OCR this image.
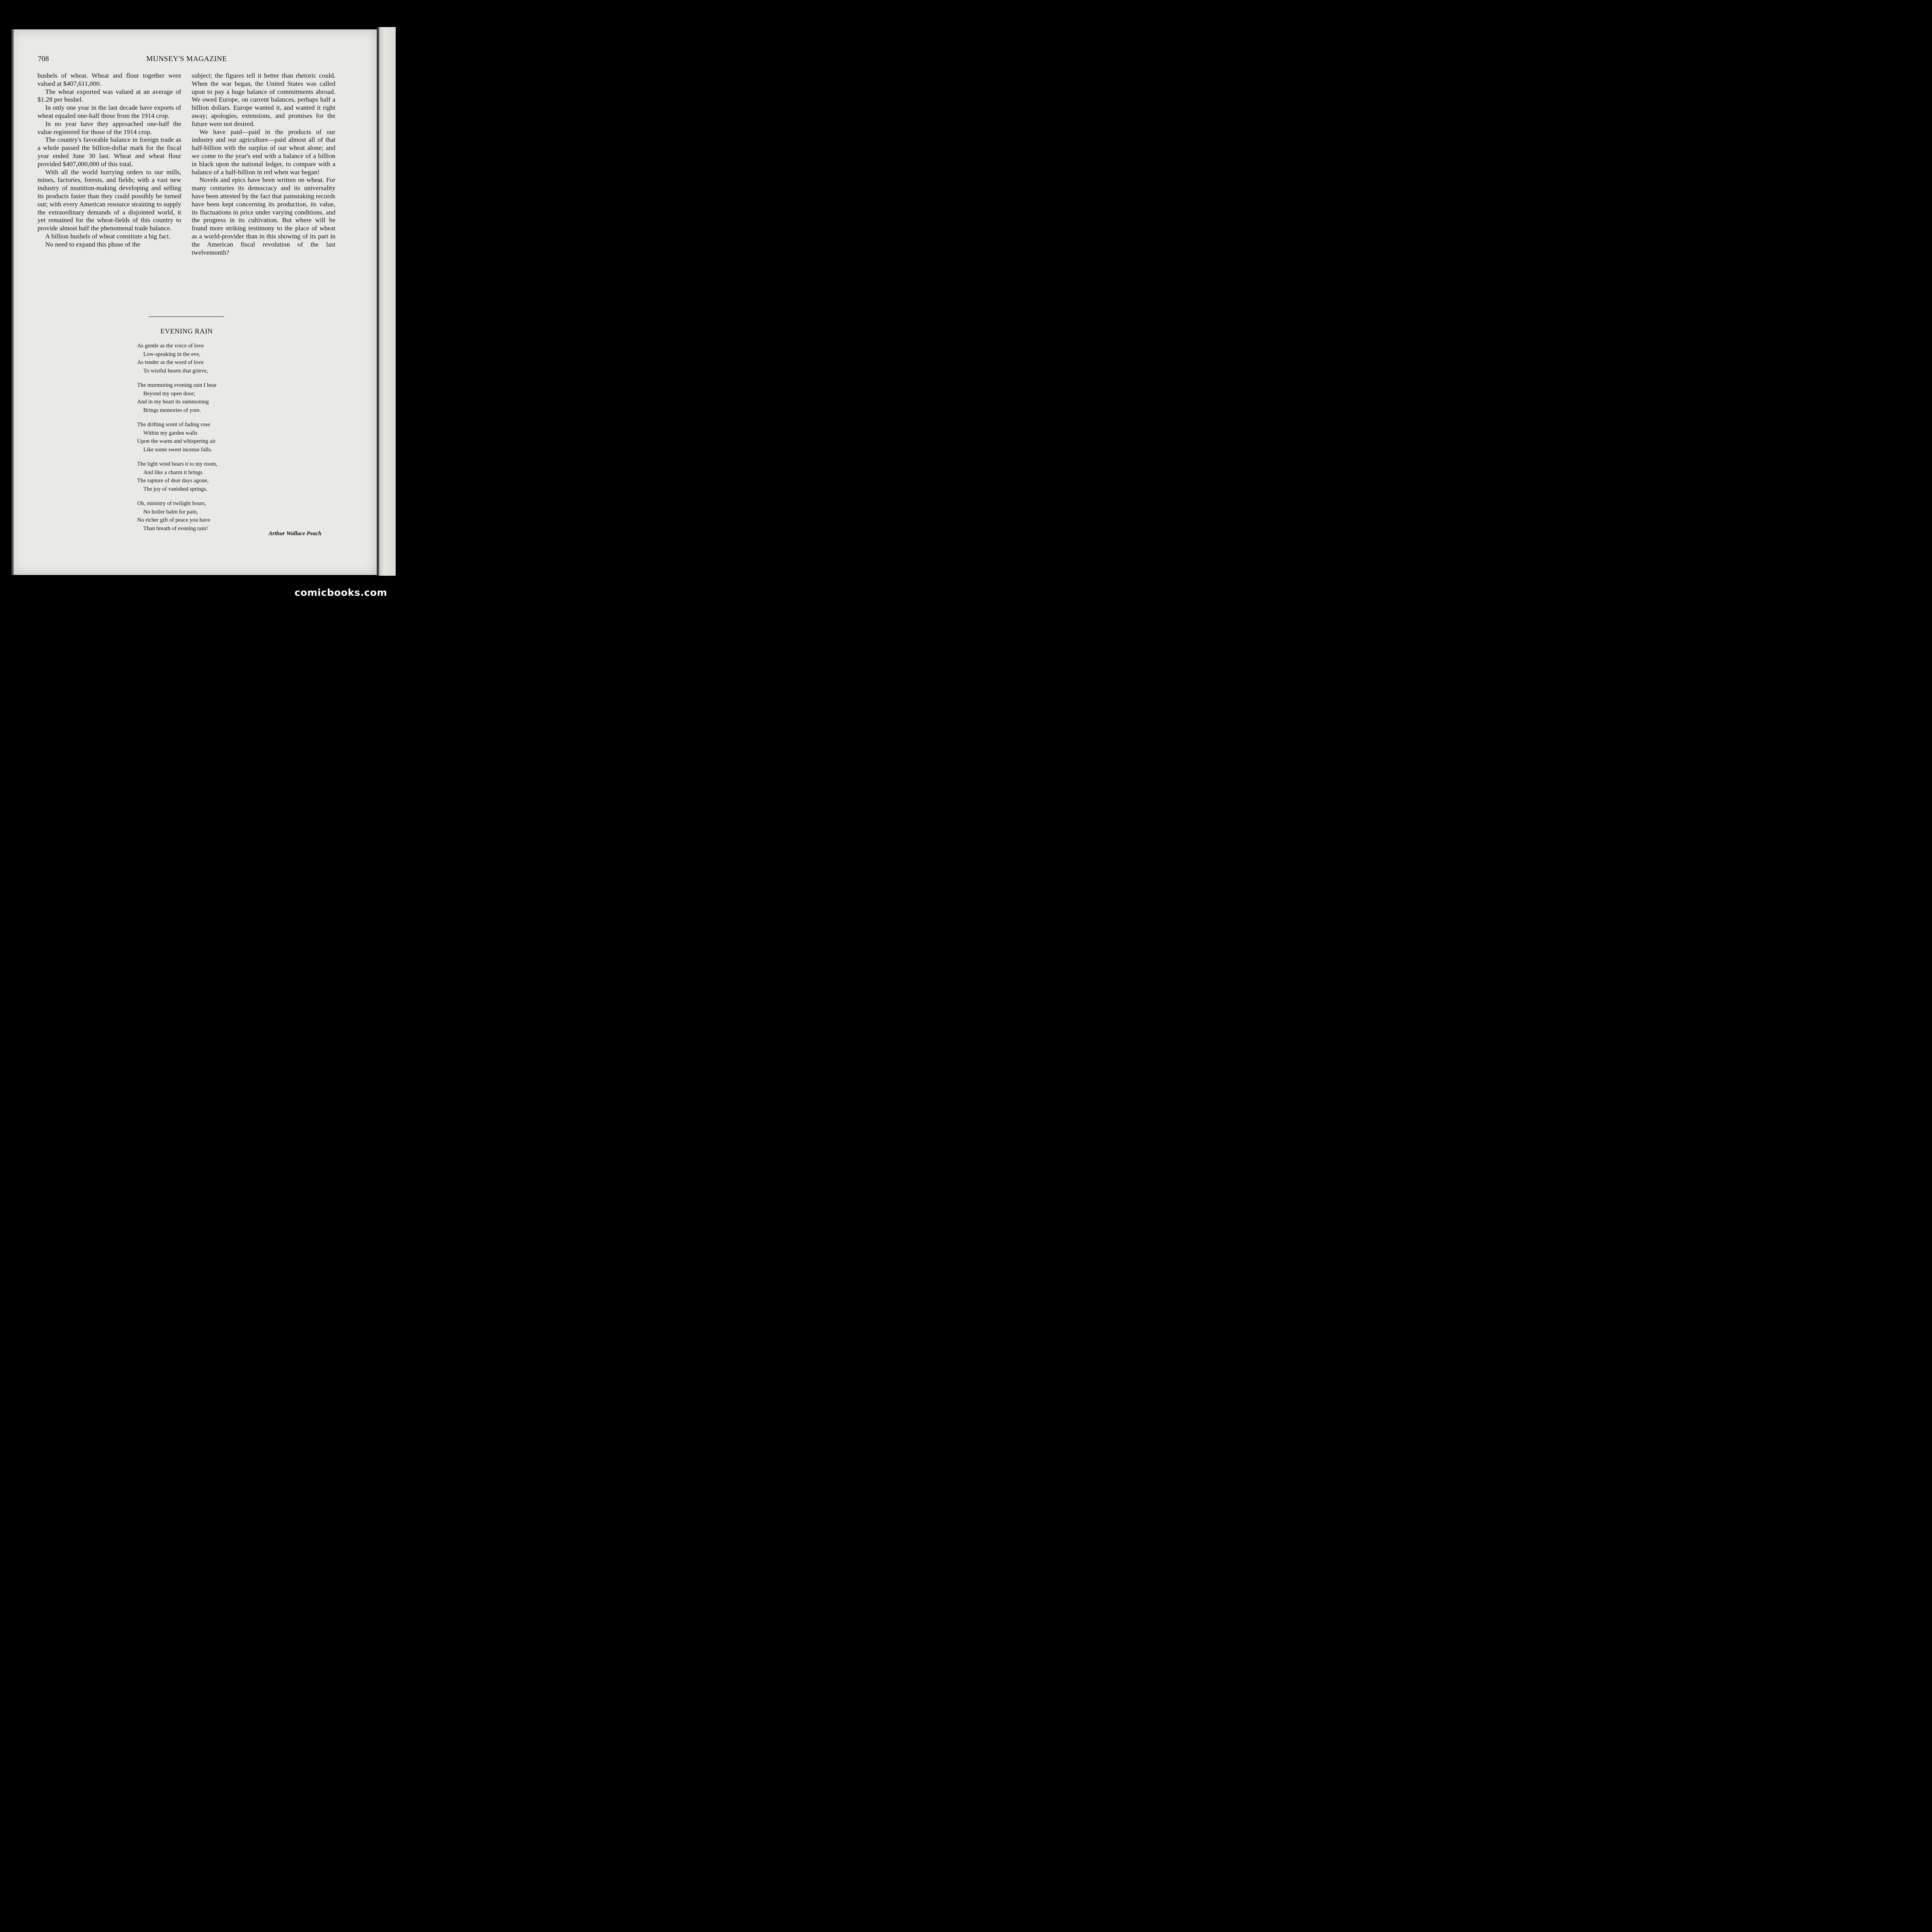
708	MUNSEY'S MAGAZINE

bushels of wheat. Wheat and flour together were valued at $407,611,000.

The wheat exported was valued at an average of $1.28 per bushel.

In only one year in the last decade have exports of wheat equaled one-half those from the 1914 crop.

In no year have they approached one-half the value registered for those of the 1914 crop.

The country's favorable balance in foreign trade as a whole passed the billion-dollar mark for the fiscal year ended June 30 last. Wheat and wheat flour provided $407,000,000 of this total.

With all the world hurrying orders to our mills, mines, factories, forests, and fields; with a vast new industry of munition-making developing and selling its products faster than they could possibly be turned out; with every American resource straining to supply the extraordinary demands of a disjointed world, it yet remained for the wheat-fields of this country to provide almost half the phenomenal trade balance.

A billion bushels of wheat constitute a big fact.

No need to expand this phase of the

subject; the figures tell it better than rhetoric could. When the war began, the United States was called upon to pay a huge balance of commitments abroad. We owed Europe, on current balances, perhaps half a billion dollars. Europe wanted it, and wanted it right away; apologies, extensions, and promises for the future were not desired.

We have paid—paid in the products of our industry and our agriculture—paid almost all of that half-billion with the surplus of our wheat alone; and we come to the year's end with a balance of a billion in black upon the national ledger, to compare with a balance of a half-billion in red when war began!

Novels and epics have been written on wheat. For many centuries its democracy and its universality have been attested by the fact that painstaking records have been kept concerning its production, its value, its fluctuations in price under varying conditions, and the progress in its cultivation. But where will be found more striking testimony to the place of wheat as a world-provider than in this showing of its part in the American fiscal revolution of the last twelvemonth?

EVENING RAIN
As gentle as the voice of love
Low-speaking in the eve,
As tender as the word of love
To wistful hearts that grieve,
The murmuring evening rain I hear
Beyond my open door;
And in my heart its summoning
Brings memories of yore.
The drifting scent of fading rose
Within my garden walls
Upon the warm and whispering air
Like some sweet incense falls.
The light wind bears it to my room,
And like a charm it brings
The rapture of dear days agone,
The joy of vanished springs.
Oh, ministry of twilight hours,
No holier balm for pain,
No richer gift of peace you have
Than breath of evening rain!
Arthur Wallace Peach
comicbooks.com
